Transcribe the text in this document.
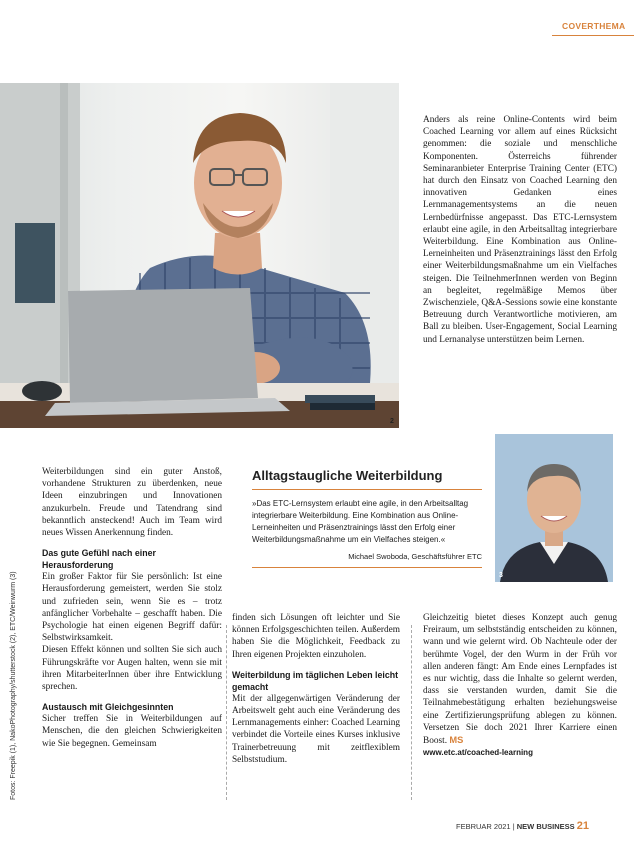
COVERTHEMA
2

Anders als reine Online-Contents wird beim Coached Learning vor allem auf eines Rücksicht genommen: die soziale und menschliche Komponenten. Österreichs führender Seminaranbieter Enterprise Training Center (ETC) hat durch den Einsatz von Coached Learning den innovativen Gedanken eines Lernmanagementsystems an die neuen Lernbedürfnisse angepasst. Das ETC-Lernsystem erlaubt eine agile, in den Arbeitsalltag integrierbare Weiterbildung. Eine Kombination aus Online-Lerneinheiten und Präsenztrainings lässt den Erfolg einer Weiterbildungsmaßnahme um ein Vielfaches steigen. Die TeilnehmerInnen werden von Beginn an begleitet, regelmäßige Memos über Zwischenziele, Q&A-Sessions sowie eine konstante Betreuung durch Verantwortliche motivieren, am Ball zu bleiben. User-Engagement, Social Learning und Lernanalyse unterstützen beim Lernen.

Fotos: Freepik (1), NakoPhotography/shutterstock (2), ETC/Weinwurm (3)

Weiterbildungen sind ein guter Anstoß, vorhandene Strukturen zu überdenken, neue Ideen einzubringen und Innovationen anzukurbeln. Freude und Tatendrang sind bekanntlich ansteckend! Auch im Team wird neues Wissen Anerkennung finden.

Das gute Gefühl nach einer Herausforderung

Ein großer Faktor für Sie persönlich: Ist eine Herausforderung gemeistert, werden Sie stolz und zufrieden sein, wenn Sie es – trotz anfänglicher Vorbehalte – geschafft haben. Die Psychologie hat einen eigenen Begriff dafür: Selbstwirksamkeit.

Diesen Effekt können und sollten Sie sich auch Führungskräfte vor Augen halten, wenn sie mit ihren MitarbeiterInnen über ihre Entwicklung sprechen.

Austausch mit Gleichgesinnten

Sicher treffen Sie in Weiterbildungen auf Menschen, die den gleichen Schwierigkeiten wie Sie begegnen. Gemeinsam

Alltagstaugliche Weiterbildung
»Das ETC-Lernsystem erlaubt eine agile, in den Arbeitsalltag integrierbare Weiterbildung. Eine Kombination aus Online-Lerneinheiten und Präsenztrainings lässt den Erfolg einer Weiterbildungsmaßnahme um ein Vielfaches steigen.«
Michael Swoboda, Geschäftsführer ETC
3

finden sich Lösungen oft leichter und Sie können Erfolgsgeschichten teilen. Außerdem haben Sie die Möglichkeit, Feedback zu Ihren eigenen Projekten einzuholen.

Weiterbildung im täglichen Leben leicht gemacht

Mit der allgegenwärtigen Veränderung der Arbeitswelt geht auch eine Veränderung des Lernmanagements einher: Coached Learning verbindet die Vorteile eines Kurses inklusive Trainerbetreuung mit zeitflexiblem Selbststudium.

Gleichzeitig bietet dieses Konzept auch genug Freiraum, um selbstständig entscheiden zu können, wann und wie gelernt wird. Ob Nachteule oder der berühmte Vogel, der den Wurm in der Früh vor allen anderen fängt: Am Ende eines Lernpfades ist es nur wichtig, dass die Inhalte so gelernt werden, dass sie verstanden wurden, damit Sie die Teilnahmebestätigung erhalten beziehungsweise eine Zertifizierungsprüfung ablegen zu können. Versetzen Sie doch 2021 Ihrer Karriere einen Boost. MS

www.etc.at/coached-learning

FEBRUAR 2021 | NEW BUSINESS 21
